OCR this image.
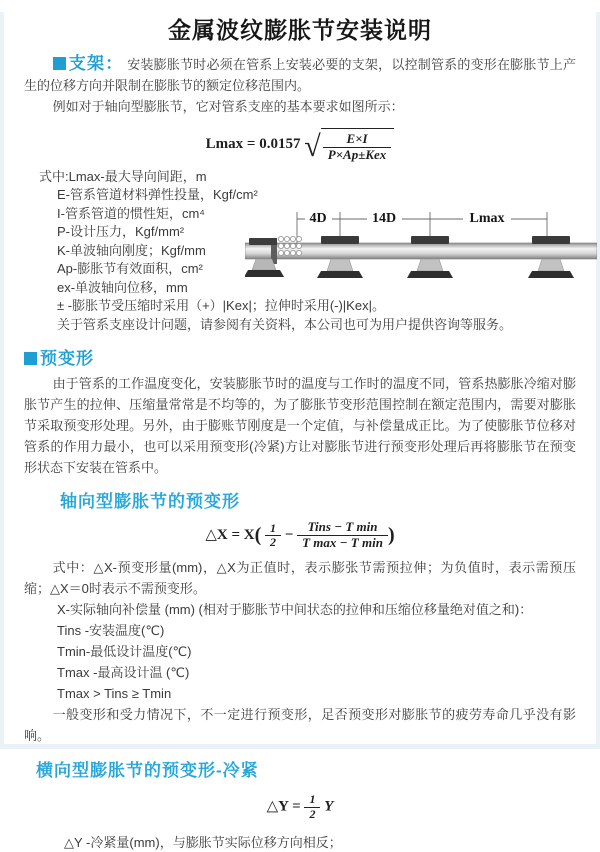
金属波纹膨胀节安装说明

支架： 安装膨胀节时必须在管系上安装必要的支架，以控制管系的变形在膨胀节上产生的位移方向并限制在膨胀节的额定位移范围内。

例如对于轴向型膨胀节，它对管系支座的基本要求如图所示：

Lmax = 0.0157 √ $\frac{E\times I}{\text{P×Ap±Kex}}$
式中:Lmax-最大导向间距，m
E-管系管道材料弹性投量，Kgf/cm²
I-管系管道的惯性矩，cm⁴
P-设计压力，Kgf/mm²
K-单波轴向刚度；Kgf/mm
Ap-膨胀节有效面积，cm²
ex-单波轴向位移，mm
± -膨胀节受压缩时采用（+）|Kex|；拉伸时采用(-)|Kex|。
关于管系支座设计问题，请参阅有关资料，本公司也可为用户提供咨询等服务。
预变形

由于管系的工作温度变化，安装膨胀节时的温度与工作时的温度不同，管系热膨胀冷缩对膨胀节产生的拉伸、压缩量常常是不均等的，为了膨胀节变形范围控制在额定范围内，需要对膨胀节采取预变形处理。另外，由于膨账节刚度是一个定值，与补偿量成正比。为了使膨胀节位移对管系的作用力最小，也可以采用预变形(冷紧)方让对膨胀节进行预变形处理后再将膨胀节在预变形状态下安装在管系中。

轴向型膨胀节的预变形
△X = $X( \frac{1}{2} - \frac{\text{Tins − T min}}{\text{T max − T min}}$ )

式中：△X-预变形量(mm)，△X为正值时，表示膨张节需预拉伸；为负值时，表示需预压缩；△X＝0时表示不需预变形。

X-实际轴向补偿量 (mm) (相对于膨胀节中间状态的拉伸和压缩位移量绝对值之和)：
Tins -安装温度(℃)
Tmin-最低设计温度(℃)
Tmax -最高设计温 (℃)
Tmax > Tins ≥ Tmin

一般变形和受力情况下，不一定进行预变形，足否预变形对膨胀节的疲劳寿命几乎没有影响。

横向型膨胀节的预变形-冷紧
△Y = $\frac{1}{2}$ Y
△Y -冷紧量(mm)，与膨胀节实际位移方向相反；
4D	14D	Lmax
